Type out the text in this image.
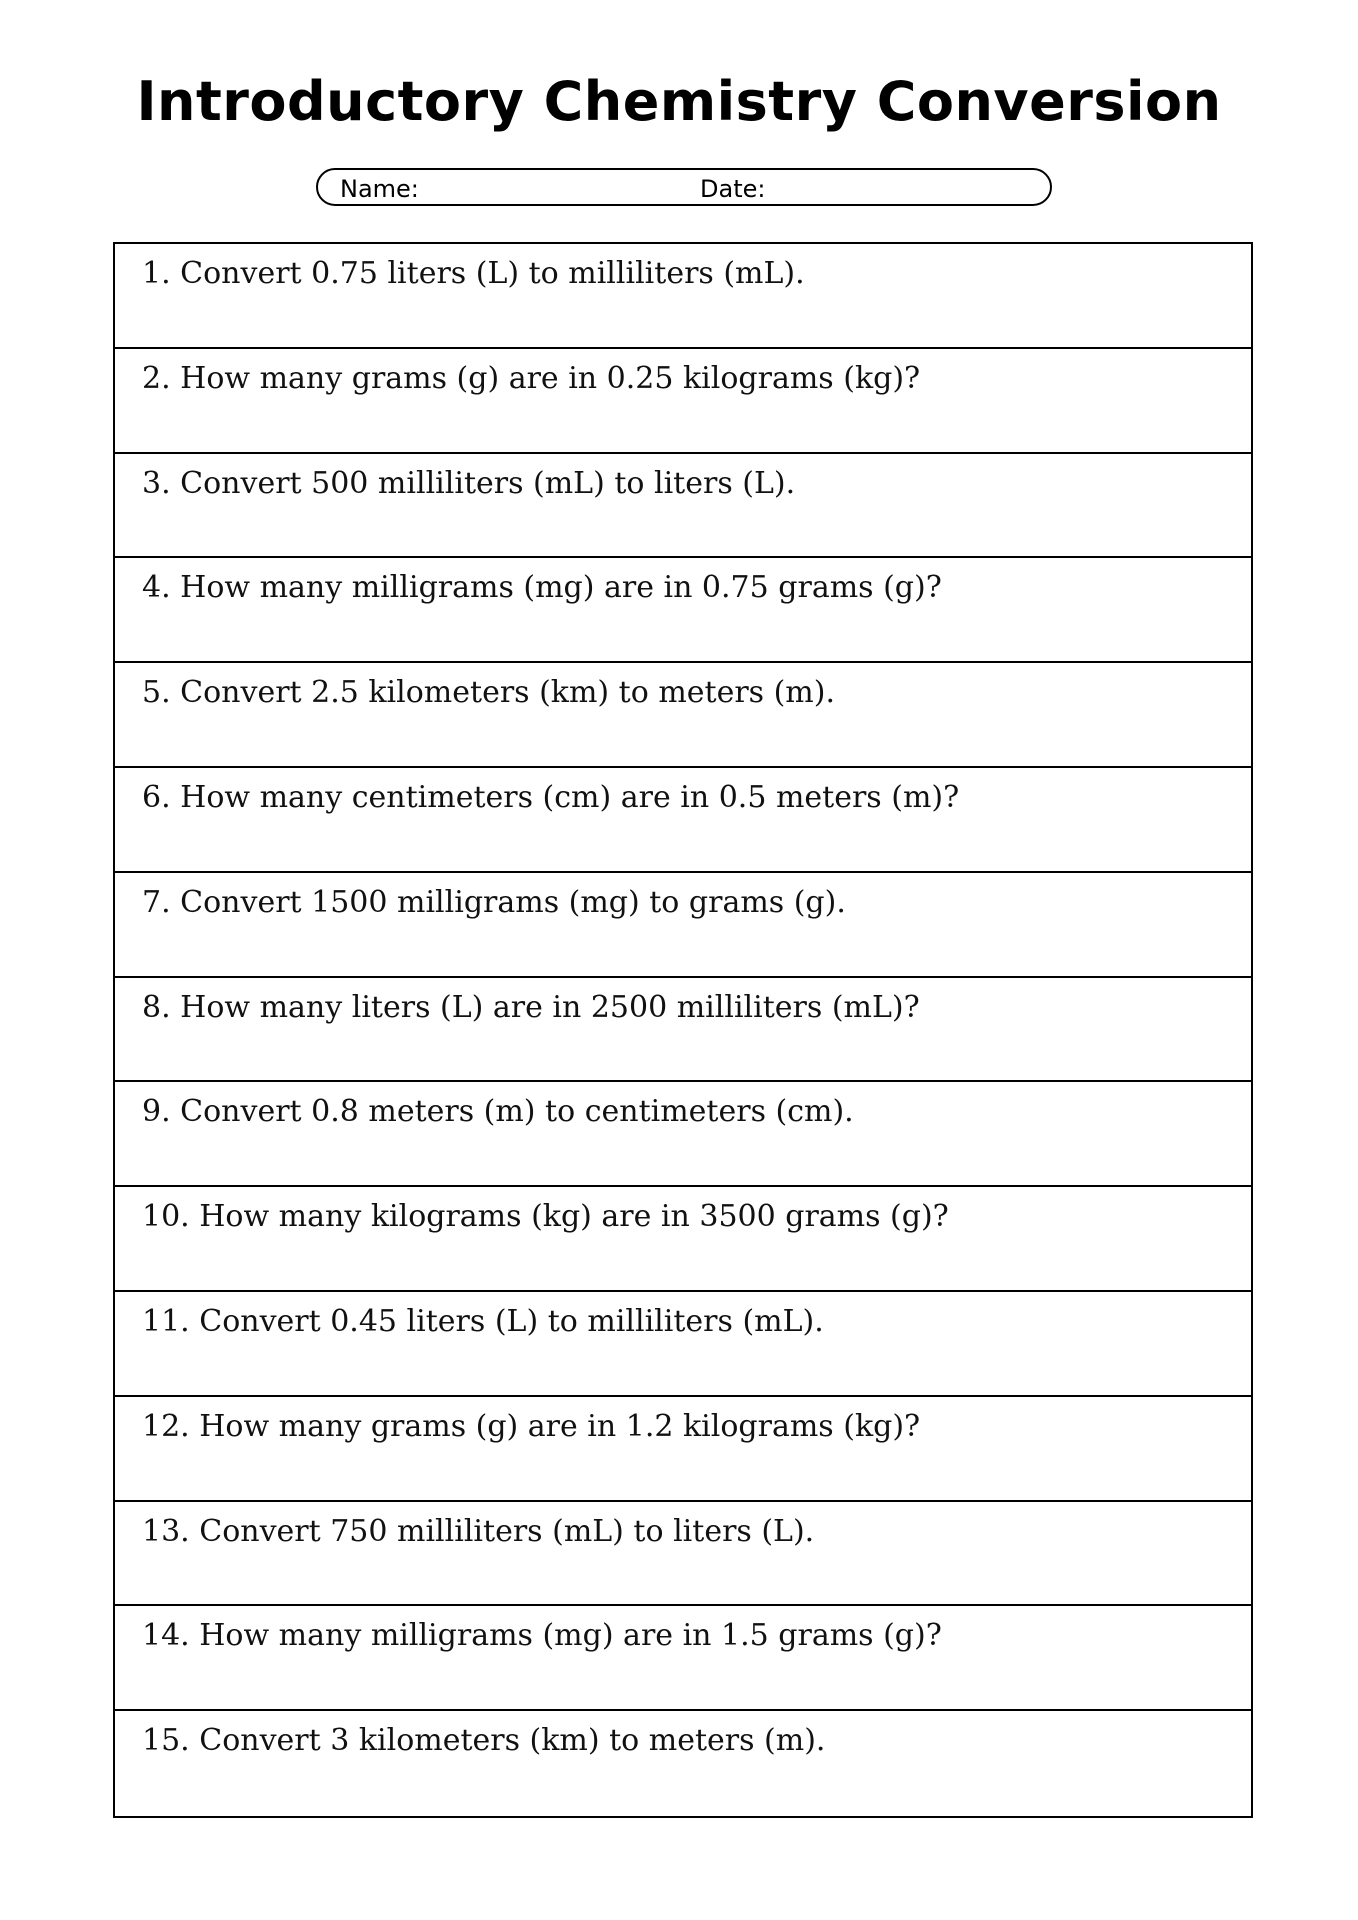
Introductory Chemistry Conversion
Name:	Date:
1. Convert 0.75 liters (L) to milliliters (mL).
2. How many grams (g) are in 0.25 kilograms (kg)?
3. Convert 500 milliliters (mL) to liters (L).
4. How many milligrams (mg) are in 0.75 grams (g)?
5. Convert 2.5 kilometers (km) to meters (m).
6. How many centimeters (cm) are in 0.5 meters (m)?
7. Convert 1500 milligrams (mg) to grams (g).
8. How many liters (L) are in 2500 milliliters (mL)?
9. Convert 0.8 meters (m) to centimeters (cm).
10. How many kilograms (kg) are in 3500 grams (g)?
11. Convert 0.45 liters (L) to milliliters (mL).
12. How many grams (g) are in 1.2 kilograms (kg)?
13. Convert 750 milliliters (mL) to liters (L).
14. How many milligrams (mg) are in 1.5 grams (g)?
15. Convert 3 kilometers (km) to meters (m).
